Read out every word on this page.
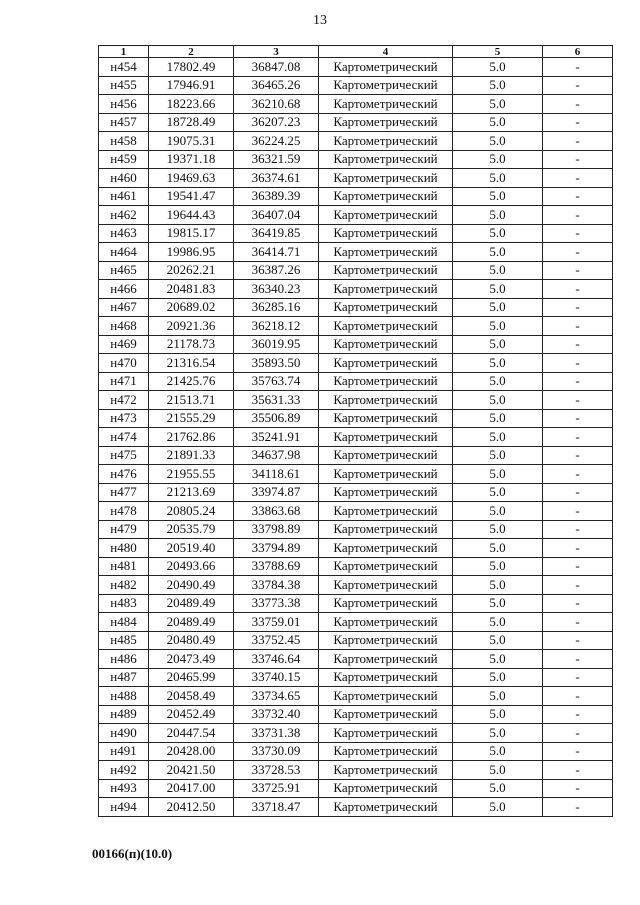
13
1	2	3	4	5	6
н454	17802.49	36847.08	Картометрический	5.0	-
н455	17946.91	36465.26	Картометрический	5.0	-
н456	18223.66	36210.68	Картометрический	5.0	-
н457	18728.49	36207.23	Картометрический	5.0	-
н458	19075.31	36224.25	Картометрический	5.0	-
н459	19371.18	36321.59	Картометрический	5.0	-
н460	19469.63	36374.61	Картометрический	5.0	-
н461	19541.47	36389.39	Картометрический	5.0	-
н462	19644.43	36407.04	Картометрический	5.0	-
н463	19815.17	36419.85	Картометрический	5.0	-
н464	19986.95	36414.71	Картометрический	5.0	-
н465	20262.21	36387.26	Картометрический	5.0	-
н466	20481.83	36340.23	Картометрический	5.0	-
н467	20689.02	36285.16	Картометрический	5.0	-
н468	20921.36	36218.12	Картометрический	5.0	-
н469	21178.73	36019.95	Картометрический	5.0	-
н470	21316.54	35893.50	Картометрический	5.0	-
н471	21425.76	35763.74	Картометрический	5.0	-
н472	21513.71	35631.33	Картометрический	5.0	-
н473	21555.29	35506.89	Картометрический	5.0	-
н474	21762.86	35241.91	Картометрический	5.0	-
н475	21891.33	34637.98	Картометрический	5.0	-
н476	21955.55	34118.61	Картометрический	5.0	-
н477	21213.69	33974.87	Картометрический	5.0	-
н478	20805.24	33863.68	Картометрический	5.0	-
н479	20535.79	33798.89	Картометрический	5.0	-
н480	20519.40	33794.89	Картометрический	5.0	-
н481	20493.66	33788.69	Картометрический	5.0	-
н482	20490.49	33784.38	Картометрический	5.0	-
н483	20489.49	33773.38	Картометрический	5.0	-
н484	20489.49	33759.01	Картометрический	5.0	-
н485	20480.49	33752.45	Картометрический	5.0	-
н486	20473.49	33746.64	Картометрический	5.0	-
н487	20465.99	33740.15	Картометрический	5.0	-
н488	20458.49	33734.65	Картометрический	5.0	-
н489	20452.49	33732.40	Картометрический	5.0	-
н490	20447.54	33731.38	Картометрический	5.0	-
н491	20428.00	33730.09	Картометрический	5.0	-
н492	20421.50	33728.53	Картометрический	5.0	-
н493	20417.00	33725.91	Картометрический	5.0	-
н494	20412.50	33718.47	Картометрический	5.0	-
00166(п)(10.0)
